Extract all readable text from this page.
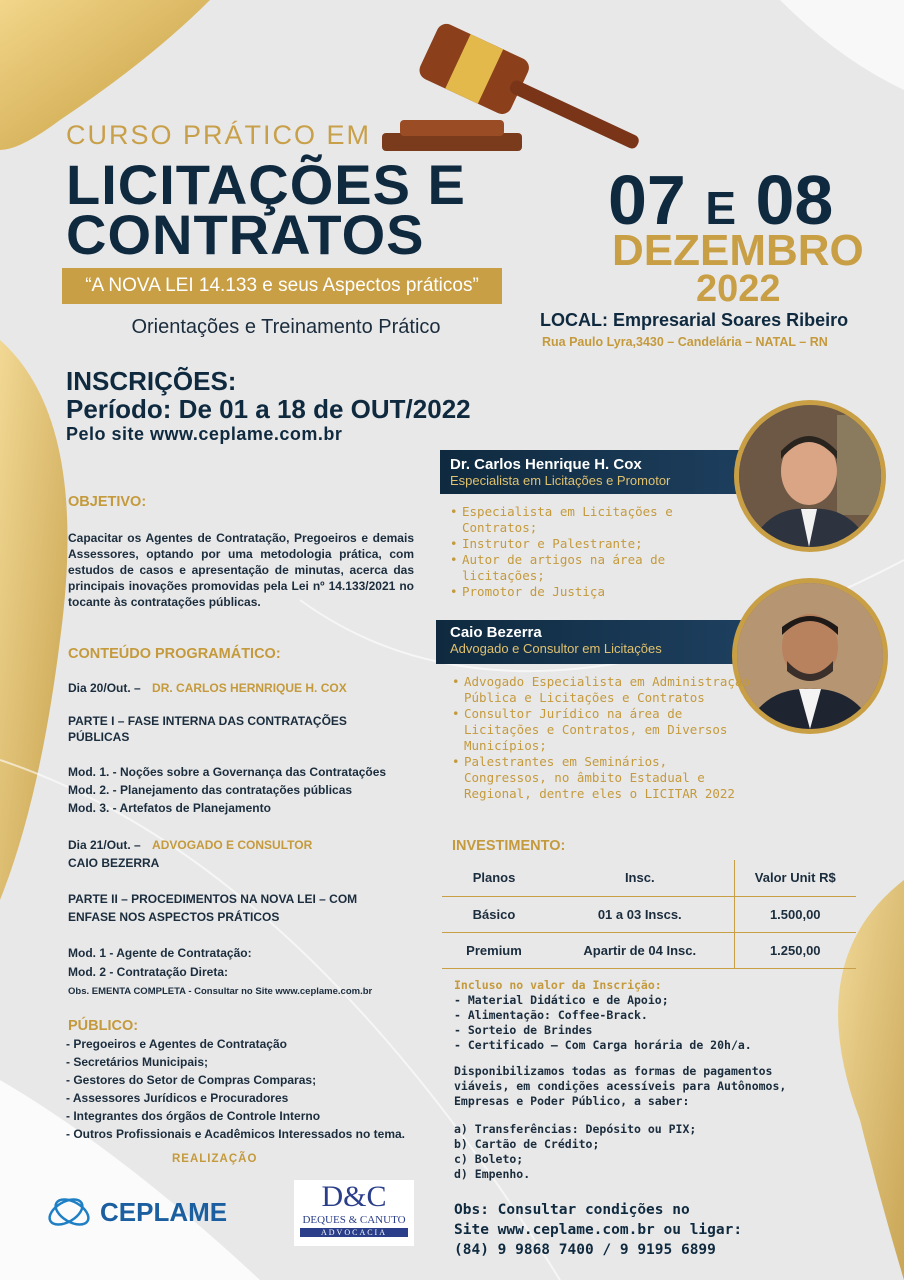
CURSO PRÁTICO EM
LICITAÇÕES E
CONTRATOS
“A NOVA LEI 14.133 e seus Aspectos práticos”
Orientações e Treinamento Prático
07 E 08
DEZEMBRO
2022
LOCAL: Empresarial Soares Ribeiro
Rua Paulo Lyra,3430 – Candelária – NATAL – RN
INSCRIÇÕES:
Período: De 01 a 18 de OUT/2022
Pelo site www.ceplame.com.br
OBJETIVO:
Capacitar os Agentes de Contratação, Pregoeiros e demais Assessores, optando por uma metodologia prática, com estudos de casos e apresentação de minutas, acerca das principais inovações promovidas pela Lei nº 14.133/2021 no tocante às contratações públicas.
CONTEÚDO PROGRAMÁTICO:
Dia 20/Out. – DR. CARLOS HERNRIQUE H. COX
PARTE I – FASE INTERNA DAS CONTRATAÇÕES
PÚBLICAS
Mod. 1. - Noções sobre a Governança das Contratações
Mod. 2. - Planejamento das contratações públicas
Mod. 3. - Artefatos de Planejamento
Dia 21/Out. – ADVOGADO E CONSULTOR
CAIO BEZERRA
PARTE II – PROCEDIMENTOS NA NOVA LEI – COM
ENFASE NOS ASPECTOS PRÁTICOS
Mod. 1 - Agente de Contratação:
Mod. 2 - Contratação Direta:
Obs. EMENTA COMPLETA - Consultar no Site www.ceplame.com.br
PÚBLICO:
- Pregoeiros e Agentes de Contratação
- Secretários Municipais;
- Gestores do Setor de Compras Comparas;
- Assessores Jurídicos e Procuradores
- Integrantes dos órgãos de Controle Interno
- Outros Profissionais e Acadêmicos Interessados no tema.
REALIZAÇÃO
CEPLAME	D&C
DEQUES & CANUTO
ADVOCACIA
Dr. Carlos Henrique H. Cox
Especialista em Licitações e Promotor
• Especialista em Licitações e Contratos;
• Instrutor e Palestrante;
• Autor de artigos na área de licitações;
• Promotor de Justiça
Caio Bezerra
Advogado e Consultor em Licitações
• Advogado Especialista em Administração Pública e Licitações e Contratos
• Consultor Jurídico na área de Licitações e Contratos, em Diversos Municípios;
• Palestrantes em Seminários, Congressos, no âmbito Estadual e Regional, dentre eles o LICITAR 2022
INVESTIMENTO:
Planos	Insc.	Valor Unit R$
Básico	01 a 03 Inscs.	1.500,00
Premium	Apartir de 04 Insc.	1.250,00
Incluso no valor da Inscrição:
- Material Didático e de Apoio;
- Alimentação: Coffee-Brack.
- Sorteio de Brindes
- Certificado – Com Carga horária de 20h/a.
Disponibilizamos todas as formas de pagamentos
viáveis, em condições acessíveis para Autônomos,
Empresas e Poder Público, a saber:
a) Transferências: Depósito ou PIX;
b) Cartão de Crédito;
c) Boleto;
d) Empenho.
Obs: Consultar condições no
Site www.ceplame.com.br ou ligar:
(84) 9 9868 7400 / 9 9195 6899
